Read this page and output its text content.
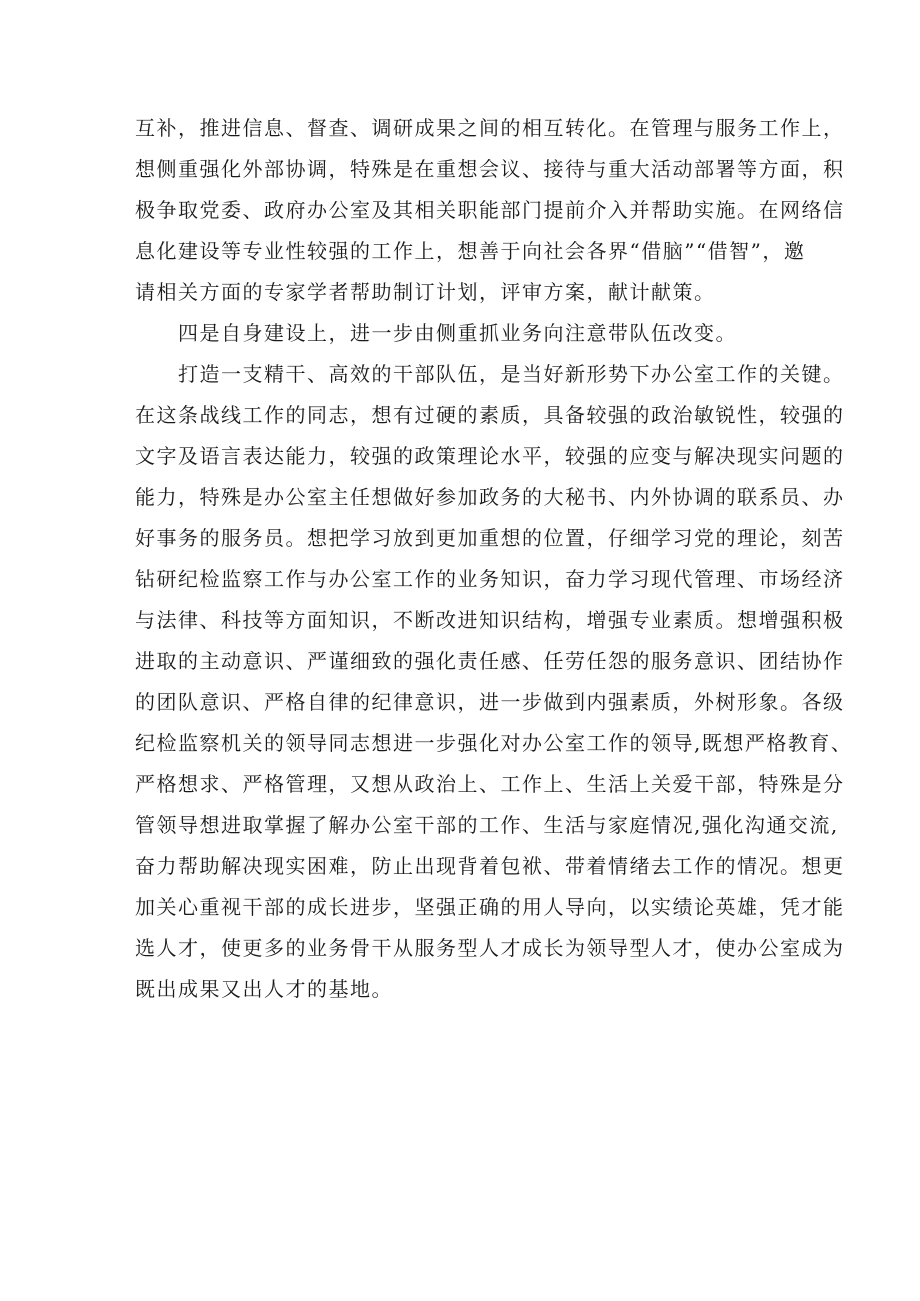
互补，推进信息、督查、调研成果之间的相互转化。在管理与服务工作上，
想侧重强化外部协调，特殊是在重想会议、接待与重大活动部署等方面，积
极争取党委、政府办公室及其相关职能部门提前介入并帮助实施。在网络信
息化建设等专业性较强的工作上，想善于向社会各界“借脑”“借智”，邀
请相关方面的专家学者帮助制订计划，评审方案，献计献策。
四是自身建设上，进一步由侧重抓业务向注意带队伍改变。
打造一支精干、高效的干部队伍，是当好新形势下办公室工作的关键。
在这条战线工作的同志，想有过硬的素质，具备较强的政治敏锐性，较强的
文字及语言表达能力，较强的政策理论水平，较强的应变与解决现实问题的
能力，特殊是办公室主任想做好参加政务的大秘书、内外协调的联系员、办
好事务的服务员。想把学习放到更加重想的位置，仔细学习党的理论，刻苦
钻研纪检监察工作与办公室工作的业务知识，奋力学习现代管理、市场经济
与法律、科技等方面知识，不断改进知识结构，增强专业素质。想增强积极
进取的主动意识、严谨细致的强化责任感、任劳任怨的服务意识、团结协作
的团队意识、严格自律的纪律意识，进一步做到内强素质，外树形象。各级
纪检监察机关的领导同志想进一步强化对办公室工作的领导,既想严格教育、
严格想求、严格管理，又想从政治上、工作上、生活上关爱干部，特殊是分
管领导想进取掌握了解办公室干部的工作、生活与家庭情况,强化沟通交流,
奋力帮助解决现实困难，防止出现背着包袱、带着情绪去工作的情况。想更
加关心重视干部的成长进步，坚强正确的用人导向，以实绩论英雄，凭才能
选人才，使更多的业务骨干从服务型人才成长为领导型人才，使办公室成为
既出成果又出人才的基地。
